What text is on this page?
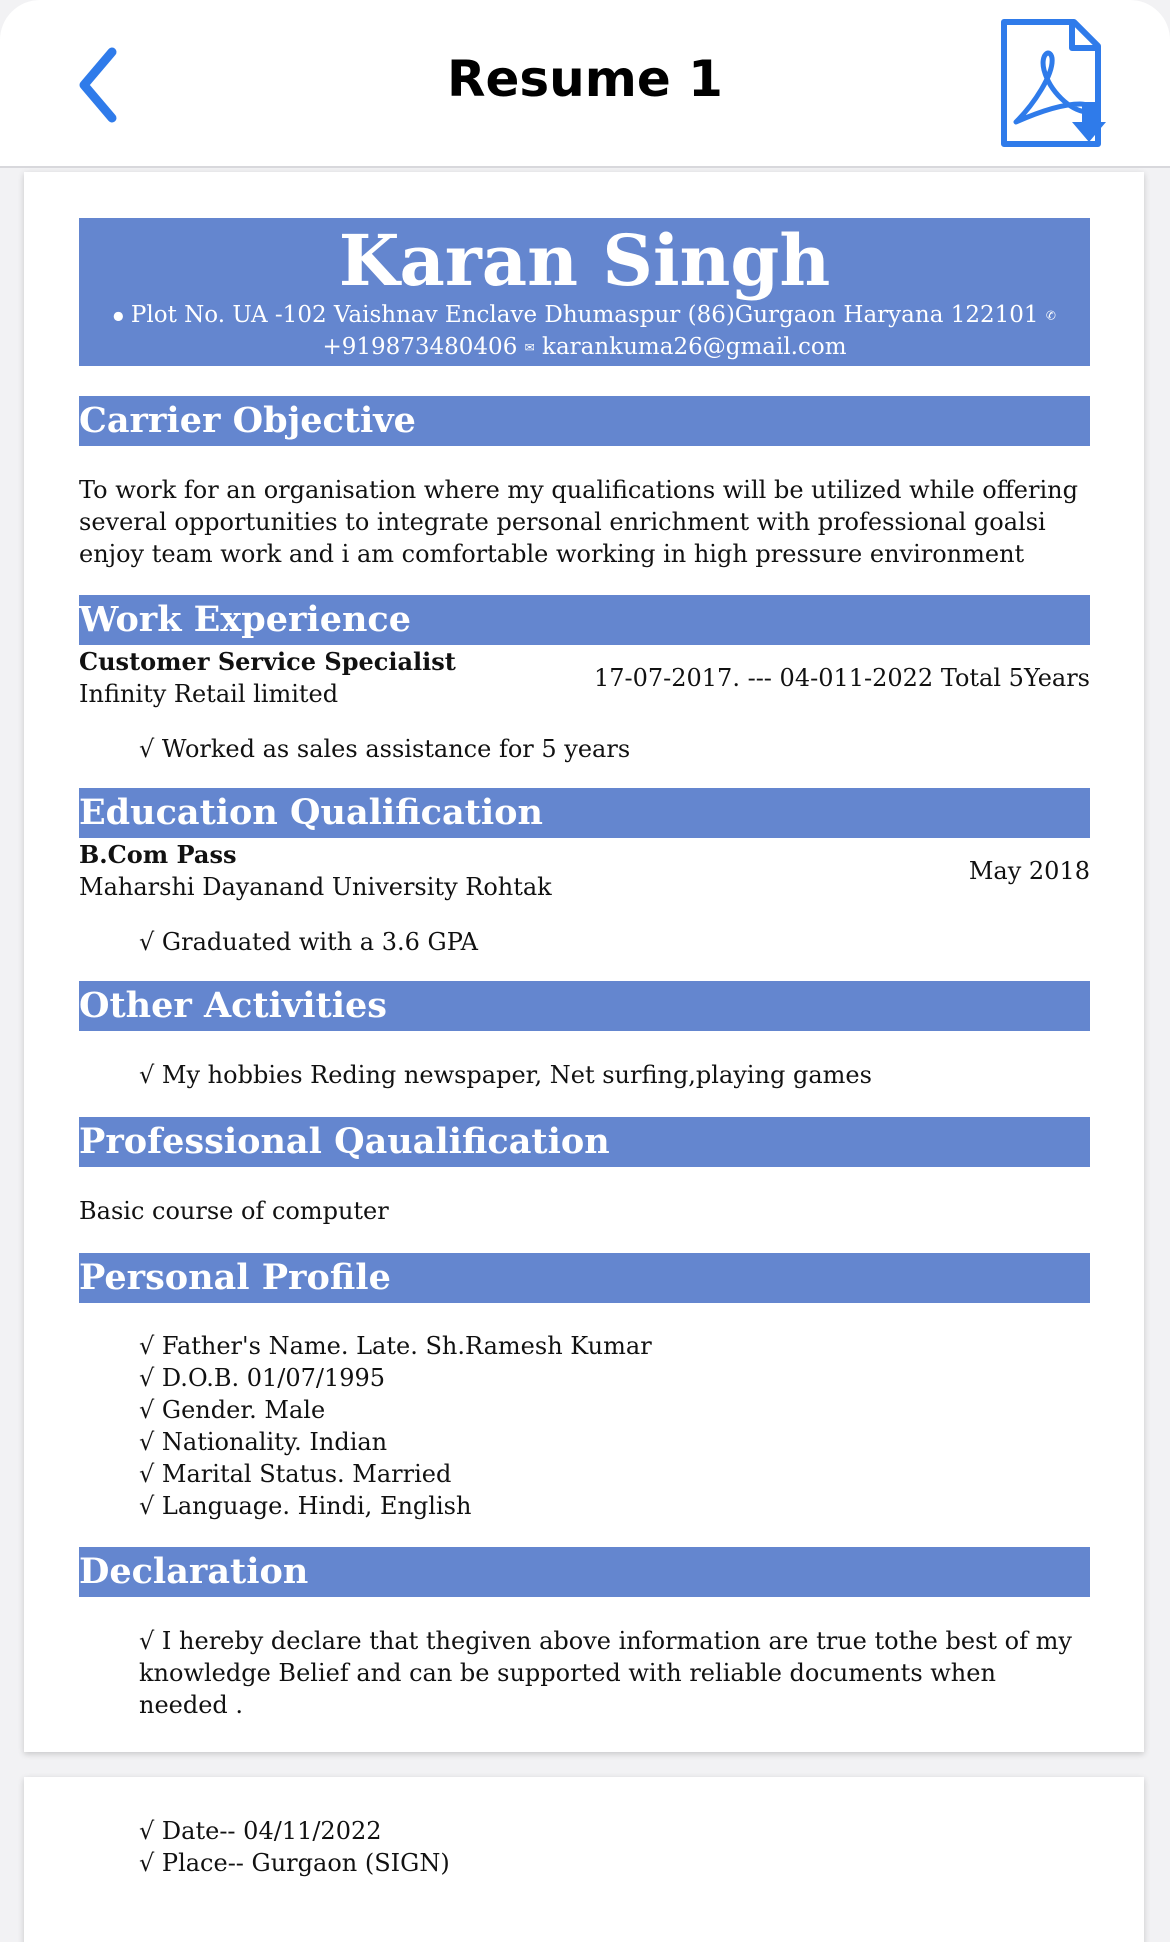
Resume 1
Karan Singh
● Plot No. UA -102 Vaishnav Enclave Dhumaspur (86)Gurgaon Haryana 122101 ✆ +919873480406 ✉ karankuma26@gmail.com
Carrier Objective
To work for an organisation where my qualifications will be utilized while offering several opportunities to integrate personal enrichment with professional goalsi enjoy team work and i am comfortable working in high pressure environment
Work Experience
Customer Service Specialist
Infinity Retail limited
17-07-2017. --- 04-011-2022 Total 5Years
√ Worked as sales assistance for 5 years
Education Qualification
B.Com Pass
Maharshi Dayanand University Rohtak
May 2018
√ Graduated with a 3.6 GPA
Other Activities
√ My hobbies Reding newspaper, Net surfing,playing games
Professional Qaualification
Basic course of computer
Personal Profile
√ Father's Name. Late. Sh.Ramesh Kumar
√ D.O.B. 01/07/1995
√ Gender. Male
√ Nationality. Indian
√ Marital Status. Married
√ Language. Hindi, English
Declaration
√ I hereby declare that thegiven above information are true tothe best of my knowledge Belief and can be supported with reliable documents when needed .
√ Date-- 04/11/2022
√ Place-- Gurgaon (SIGN)
